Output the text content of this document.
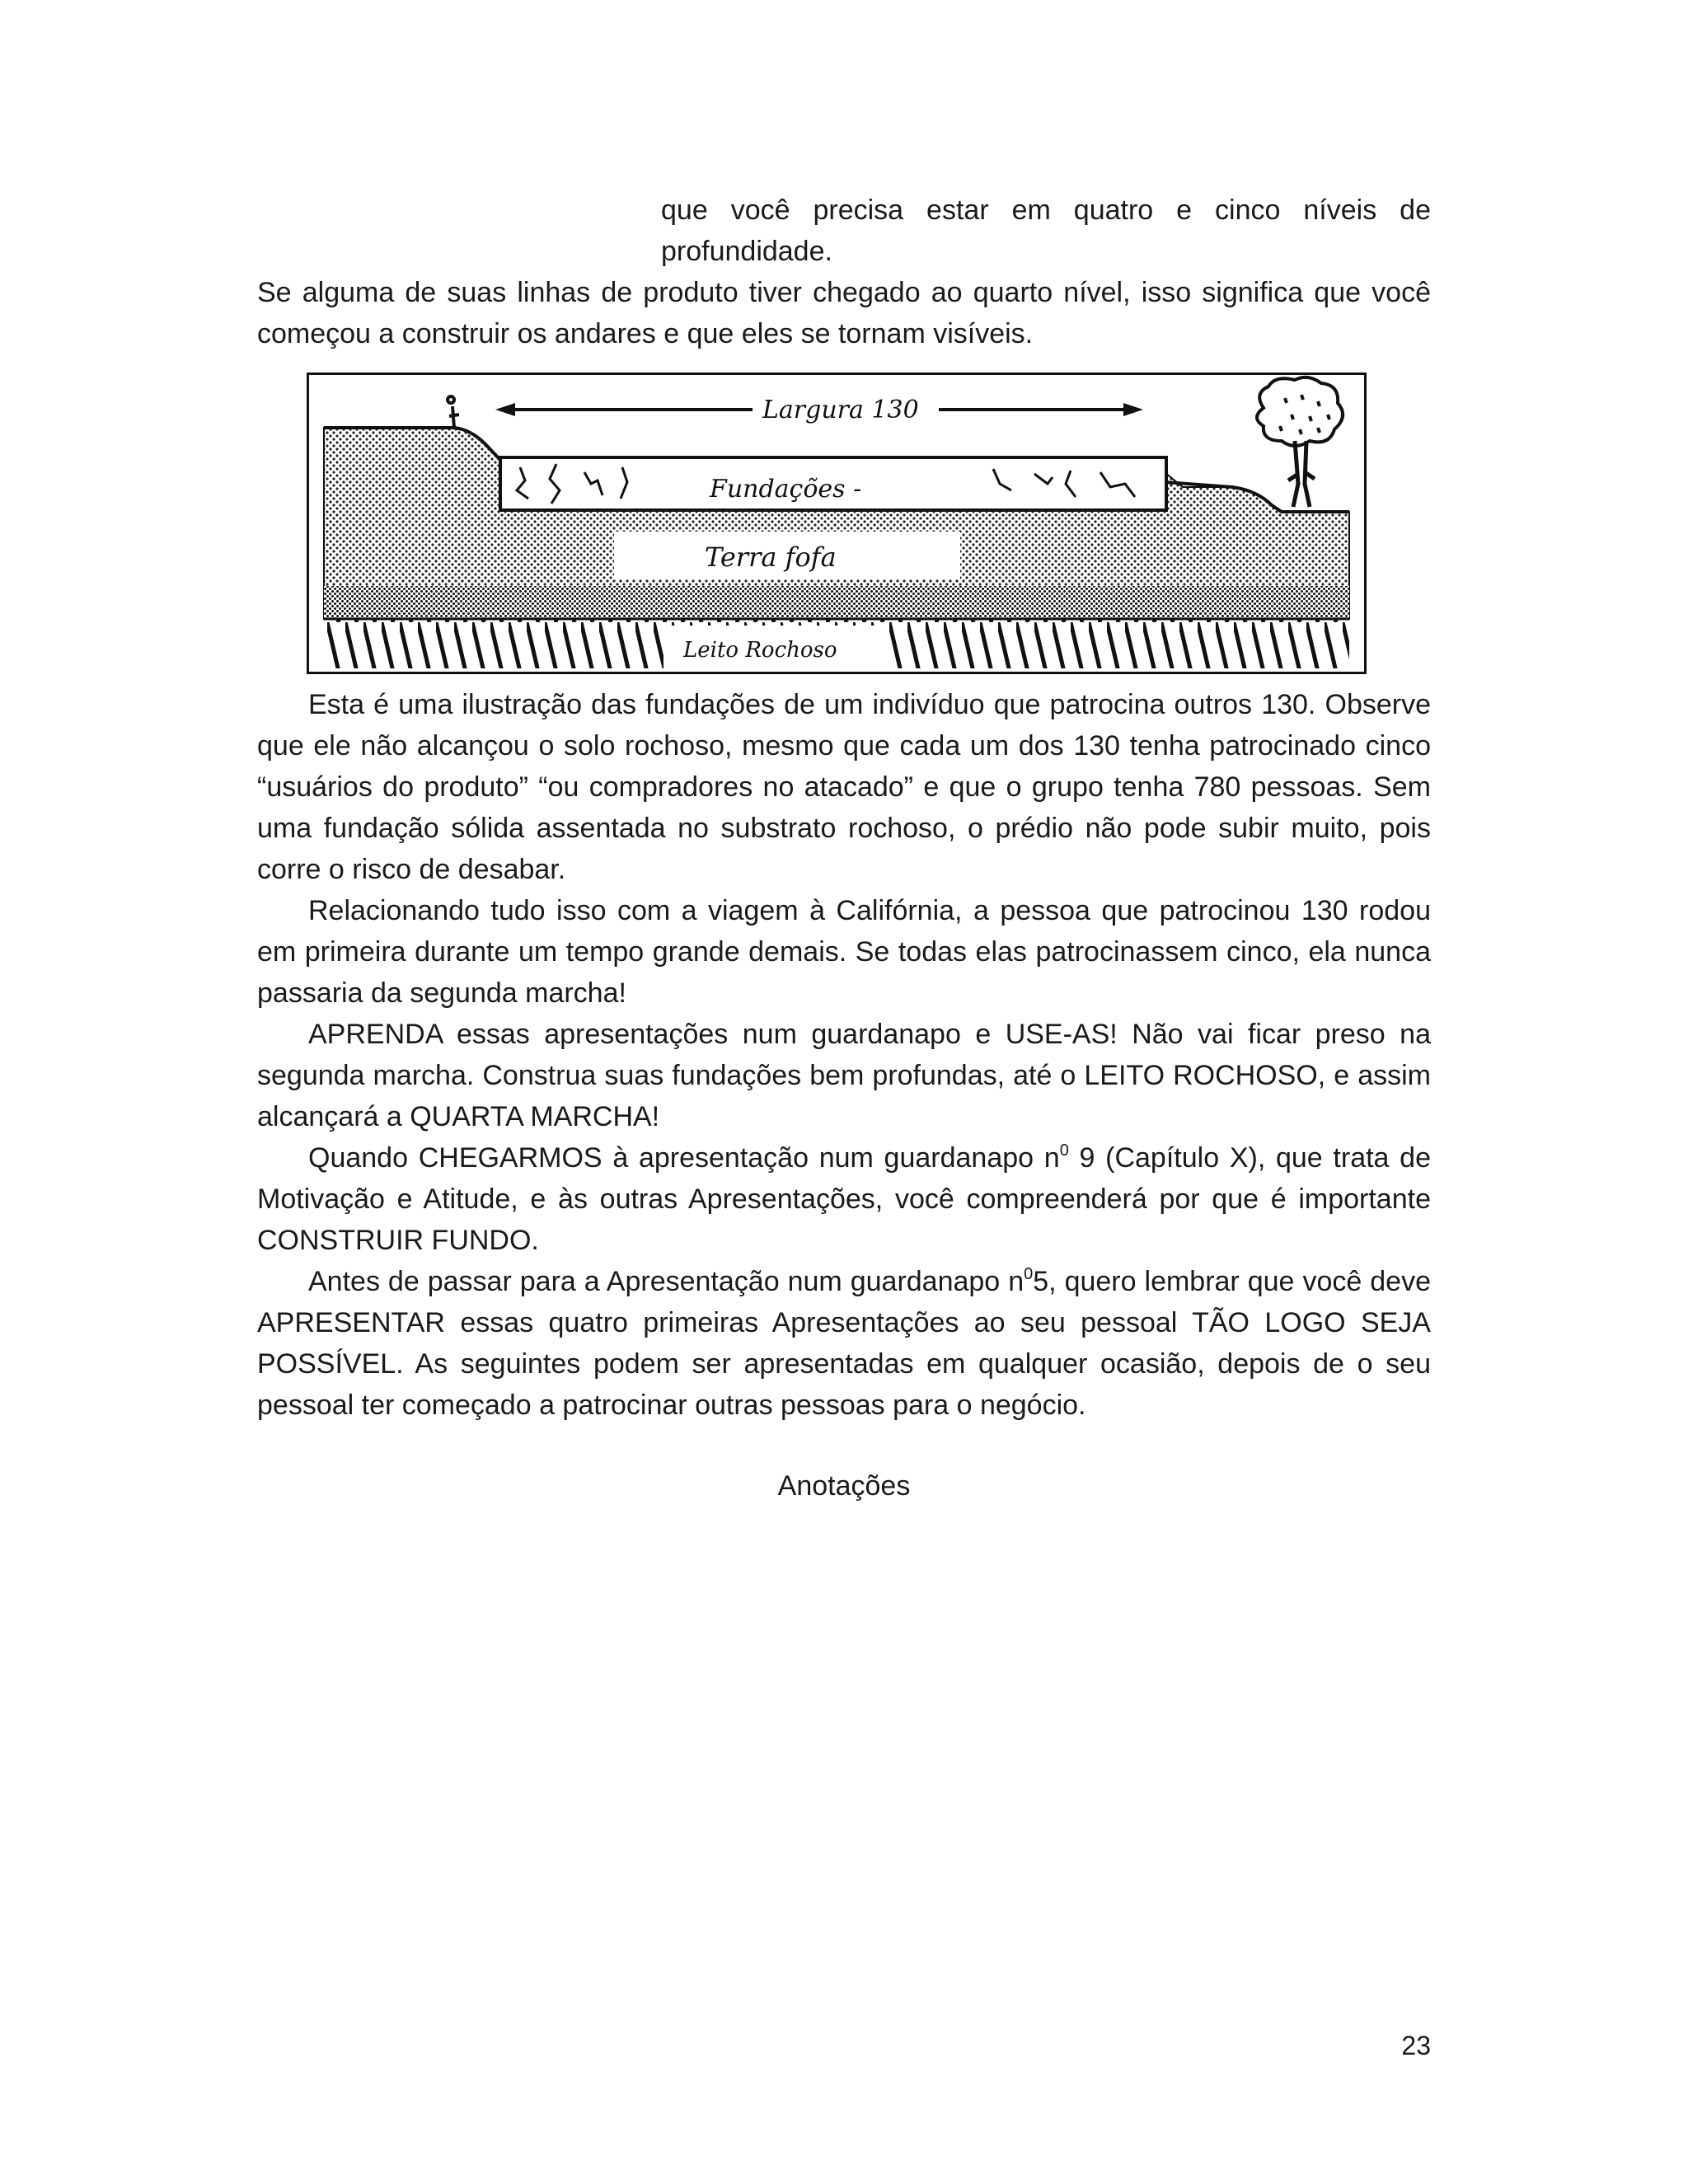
que você precisa estar em quatro e cinco níveis de
profundidade.

Se alguma de suas linhas de produto tiver chegado ao quarto nível, isso significa que você começou a construir os andares e que eles se tornam visíveis.

Largura 130
Fundações -
Terra fofa
Leito Rochoso

Esta é uma ilustração das fundações de um indivíduo que patrocina outros 130. Observe que ele não alcançou o solo rochoso, mesmo que cada um dos 130 tenha patrocinado cinco “usuários do produto” “ou compradores no atacado” e que o grupo tenha 780 pessoas. Sem uma fundação sólida assentada no substrato rochoso, o prédio não pode subir muito, pois corre o risco de desabar.

Relacionando tudo isso com a viagem à Califórnia, a pessoa que patrocinou 130 rodou em primeira durante um tempo grande demais. Se todas elas patrocinassem cinco, ela nunca passaria da segunda marcha!

APRENDA essas apresentações num guardanapo e USE-AS! Não vai ficar preso na segunda marcha. Construa suas fundações bem profundas, até o LEITO ROCHOSO, e assim alcançará a QUARTA MARCHA!

Quando CHEGARMOS à apresentação num guardanapo $n^0$ 9 (Capítulo X), que trata de Motivação e Atitude, e às outras Apresentações, você compreenderá por que é importante CONSTRUIR FUNDO.

Antes de passar para a Apresentação num guardanapo $n^05$, quero lembrar que você deve APRESENTAR essas quatro primeiras Apresentações ao seu pessoal TÃO LOGO SEJA POSSÍVEL. As seguintes podem ser apresentadas em qualquer ocasião, depois de o seu pessoal ter começado a patrocinar outras pessoas para o negócio.

Anotações
23
